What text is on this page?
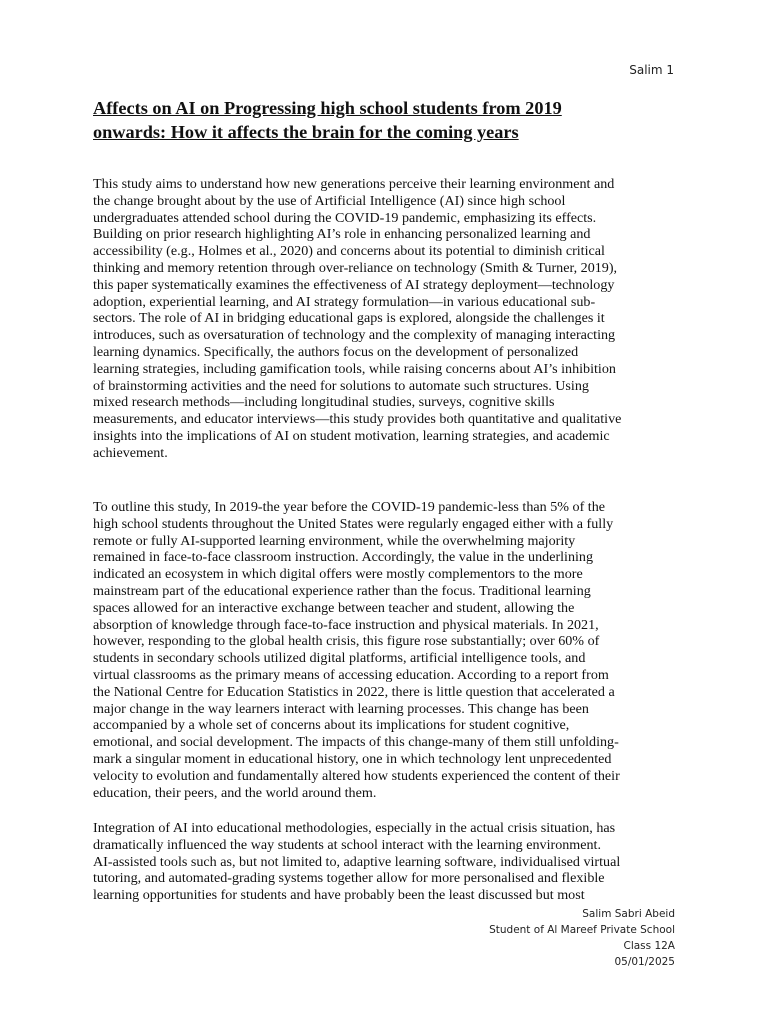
Salim 1
Affects on AI on Progressing high school students from 2019
onwards: How it affects the brain for the coming years
This study aims to understand how new generations perceive their learning environment and
the change brought about by the use of Artificial Intelligence (AI) since high school
undergraduates attended school during the COVID-19 pandemic, emphasizing its effects.
Building on prior research highlighting AI’s role in enhancing personalized learning and
accessibility (e.g., Holmes et al., 2020) and concerns about its potential to diminish critical
thinking and memory retention through over-reliance on technology (Smith & Turner, 2019),
this paper systematically examines the effectiveness of AI strategy deployment—technology
adoption, experiential learning, and AI strategy formulation—in various educational sub-
sectors. The role of AI in bridging educational gaps is explored, alongside the challenges it
introduces, such as oversaturation of technology and the complexity of managing interacting
learning dynamics. Specifically, the authors focus on the development of personalized
learning strategies, including gamification tools, while raising concerns about AI’s inhibition
of brainstorming activities and the need for solutions to automate such structures. Using
mixed research methods—including longitudinal studies, surveys, cognitive skills
measurements, and educator interviews—this study provides both quantitative and qualitative
insights into the implications of AI on student motivation, learning strategies, and academic
achievement.
To outline this study, In 2019-the year before the COVID-19 pandemic-less than 5% of the
high school students throughout the United States were regularly engaged either with a fully
remote or fully AI-supported learning environment, while the overwhelming majority
remained in face-to-face classroom instruction. Accordingly, the value in the underlining
indicated an ecosystem in which digital offers were mostly complementors to the more
mainstream part of the educational experience rather than the focus. Traditional learning
spaces allowed for an interactive exchange between teacher and student, allowing the
absorption of knowledge through face-to-face instruction and physical materials. In 2021,
however, responding to the global health crisis, this figure rose substantially; over 60% of
students in secondary schools utilized digital platforms, artificial intelligence tools, and
virtual classrooms as the primary means of accessing education. According to a report from
the National Centre for Education Statistics in 2022, there is little question that accelerated a
major change in the way learners interact with learning processes. This change has been
accompanied by a whole set of concerns about its implications for student cognitive,
emotional, and social development. The impacts of this change-many of them still unfolding-
mark a singular moment in educational history, one in which technology lent unprecedented
velocity to evolution and fundamentally altered how students experienced the content of their
education, their peers, and the world around them.
Integration of AI into educational methodologies, especially in the actual crisis situation, has
dramatically influenced the way students at school interact with the learning environment.
AI-assisted tools such as, but not limited to, adaptive learning software, individualised virtual
tutoring, and automated-grading systems together allow for more personalised and flexible
learning opportunities for students and have probably been the least discussed but most
Salim Sabri Abeid
Student of Al Mareef Private School
Class 12A
05/01/2025
